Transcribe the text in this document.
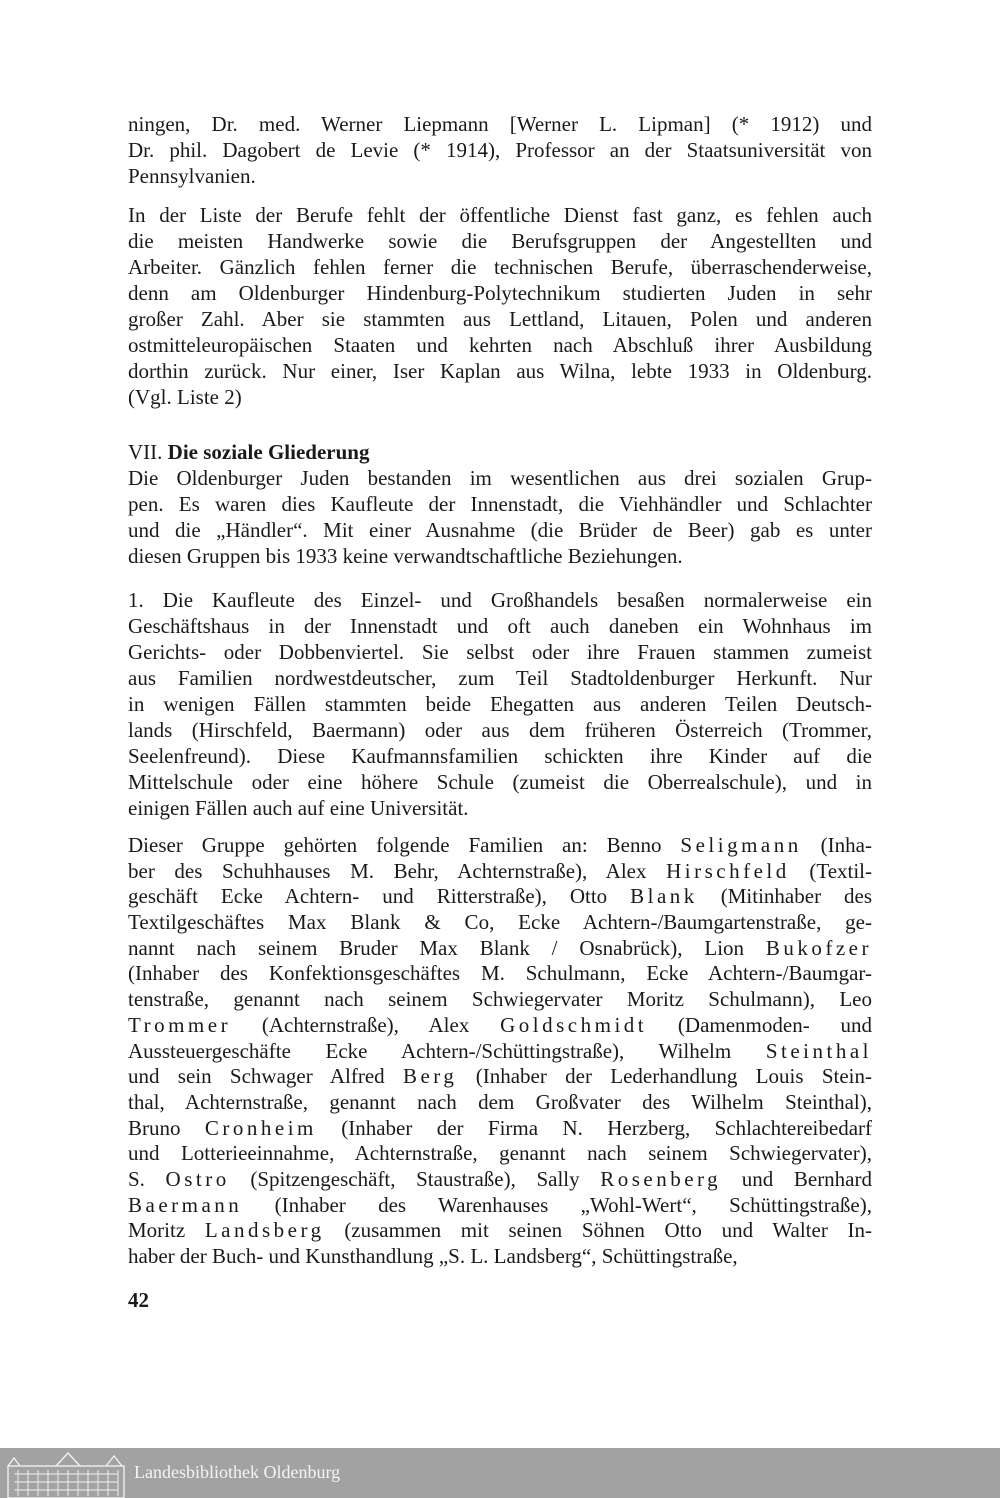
ningen, Dr. med. Werner Liepmann [Werner L. Lipman] (* 1912) und
Dr. phil. Dagobert de Levie (* 1914), Professor an der Staatsuniversität von
Pennsylvanien.
In der Liste der Berufe fehlt der öffentliche Dienst fast ganz, es fehlen auch
die meisten Handwerke sowie die Berufsgruppen der Angestellten und
Arbeiter. Gänzlich fehlen ferner die technischen Berufe, überraschenderweise,
denn am Oldenburger Hindenburg-Polytechnikum studierten Juden in sehr
großer Zahl. Aber sie stammten aus Lettland, Litauen, Polen und anderen
ostmitteleuropäischen Staaten und kehrten nach Abschluß ihrer Ausbildung
dorthin zurück. Nur einer, Iser Kaplan aus Wilna, lebte 1933 in Oldenburg.
(Vgl. Liste 2)
VII. Die soziale Gliederung
Die Oldenburger Juden bestanden im wesentlichen aus drei sozialen Grup-
pen. Es waren dies Kaufleute der Innenstadt, die Viehhändler und Schlachter
und die „Händler“. Mit einer Ausnahme (die Brüder de Beer) gab es unter
diesen Gruppen bis 1933 keine verwandtschaftliche Beziehungen.
1. Die Kaufleute des Einzel- und Großhandels besaßen normalerweise ein
Geschäftshaus in der Innenstadt und oft auch daneben ein Wohnhaus im
Gerichts- oder Dobbenviertel. Sie selbst oder ihre Frauen stammen zumeist
aus Familien nordwestdeutscher, zum Teil Stadtoldenburger Herkunft. Nur
in wenigen Fällen stammten beide Ehegatten aus anderen Teilen Deutsch-
lands (Hirschfeld, Baermann) oder aus dem früheren Österreich (Trommer,
Seelenfreund). Diese Kaufmannsfamilien schickten ihre Kinder auf die
Mittelschule oder eine höhere Schule (zumeist die Oberrealschule), und in
einigen Fällen auch auf eine Universität.
Dieser Gruppe gehörten folgende Familien an: Benno Seligmann (Inha-
ber des Schuhhauses M. Behr, Achternstraße), Alex Hirschfeld (Textil-
geschäft Ecke Achtern- und Ritterstraße), Otto Blank (Mitinhaber des
Textilgeschäftes Max Blank & Co, Ecke Achtern-/Baumgartenstraße, ge-
nannt nach seinem Bruder Max Blank / Osnabrück), Lion Bukofzer
(Inhaber des Konfektionsgeschäftes M. Schulmann, Ecke Achtern-/Baumgar-
tenstraße, genannt nach seinem Schwiegervater Moritz Schulmann), Leo
Trommer (Achternstraße), Alex Goldschmidt (Damenmoden- und
Aussteuergeschäfte Ecke Achtern-/Schüttingstraße), Wilhelm Steinthal
und sein Schwager Alfred Berg (Inhaber der Lederhandlung Louis Stein-
thal, Achternstraße, genannt nach dem Großvater des Wilhelm Steinthal),
Bruno Cronheim (Inhaber der Firma N. Herzberg, Schlachtereibedarf
und Lotterieeinnahme, Achternstraße, genannt nach seinem Schwiegervater),
S. Ostro (Spitzengeschäft, Staustraße), Sally Rosenberg und Bernhard
Baermann (Inhaber des Warenhauses „Wohl-Wert“, Schüttingstraße),
Moritz Landsberg (zusammen mit seinen Söhnen Otto und Walter In-
haber der Buch- und Kunsthandlung „S. L. Landsberg“, Schüttingstraße,
42
Landesbibliothek Oldenburg
